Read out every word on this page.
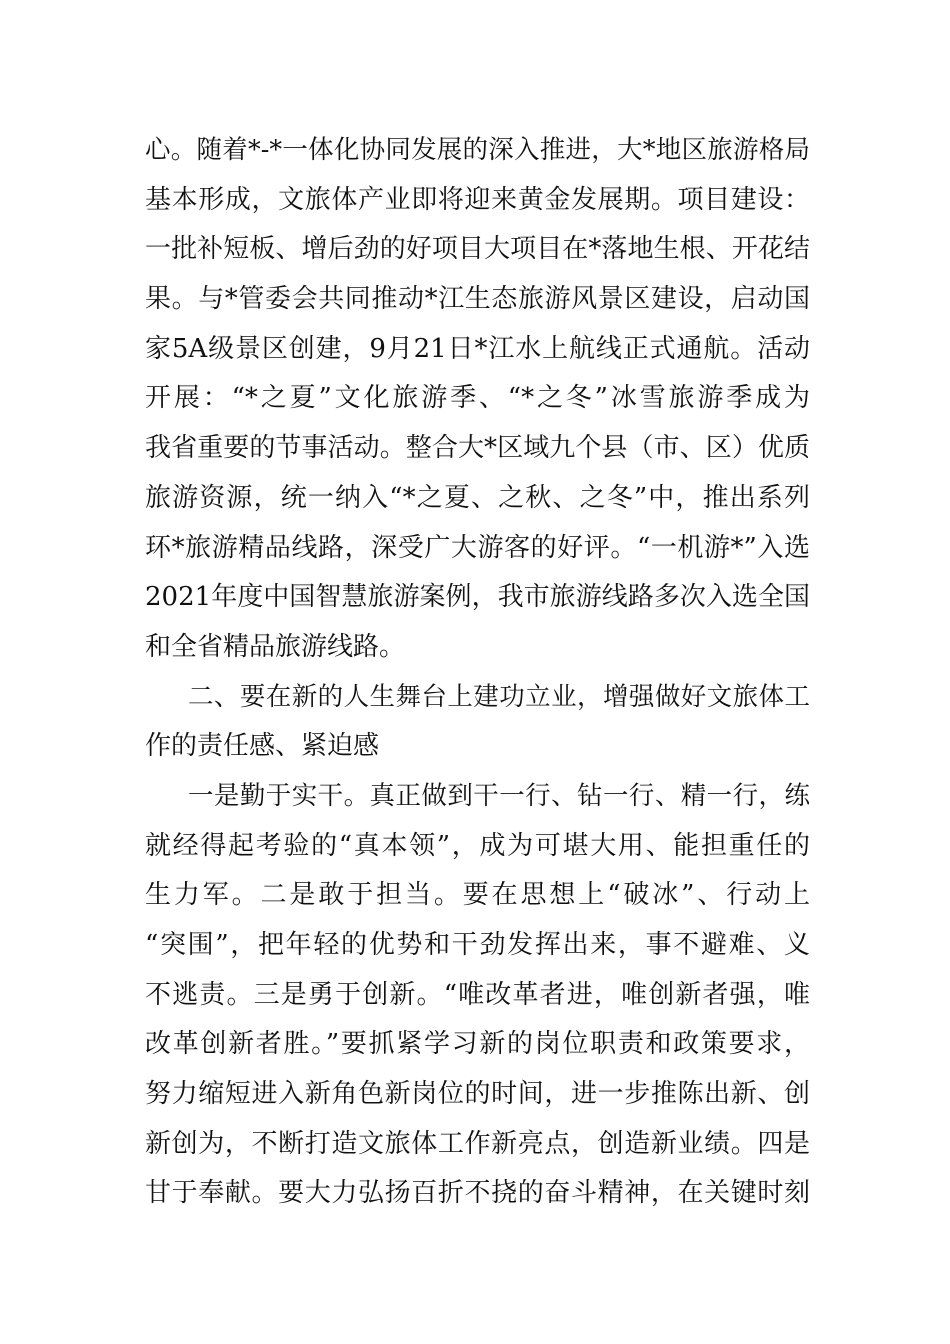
心。随着*-*一体化协同发展的深入推进，大*地区旅游格局
基本形成，文旅体产业即将迎来黄金发展期。项目建设：
一批补短板、增后劲的好项目大项目在*落地生根、开花结
果。与*管委会共同推动*江生态旅游风景区建设，启动国
家5A级景区创建，9月21日*江水上航线正式通航。活动
开展：“*之夏”文化旅游季、“*之冬”冰雪旅游季成为
我省重要的节事活动。整合大*区域九个县（市、区）优质
旅游资源，统一纳入“*之夏、之秋、之冬”中，推出系列
环*旅游精品线路，深受广大游客的好评。“一机游*”入选
2021年度中国智慧旅游案例，我市旅游线路多次入选全国
和全省精品旅游线路。
二、要在新的人生舞台上建功立业，增强做好文旅体工
作的责任感、紧迫感
一是勤于实干。真正做到干一行、钻一行、精一行，练
就经得起考验的“真本领”，成为可堪大用、能担重任的
生力军。二是敢于担当。要在思想上“破冰”、行动上
“突围”，把年轻的优势和干劲发挥出来，事不避难、义
不逃责。三是勇于创新。“唯改革者进，唯创新者强，唯
改革创新者胜。”要抓紧学习新的岗位职责和政策要求，
努力缩短进入新角色新岗位的时间，进一步推陈出新、创
新创为，不断打造文旅体工作新亮点，创造新业绩。四是
甘于奉献。要大力弘扬百折不挠的奋斗精神，在关键时刻
